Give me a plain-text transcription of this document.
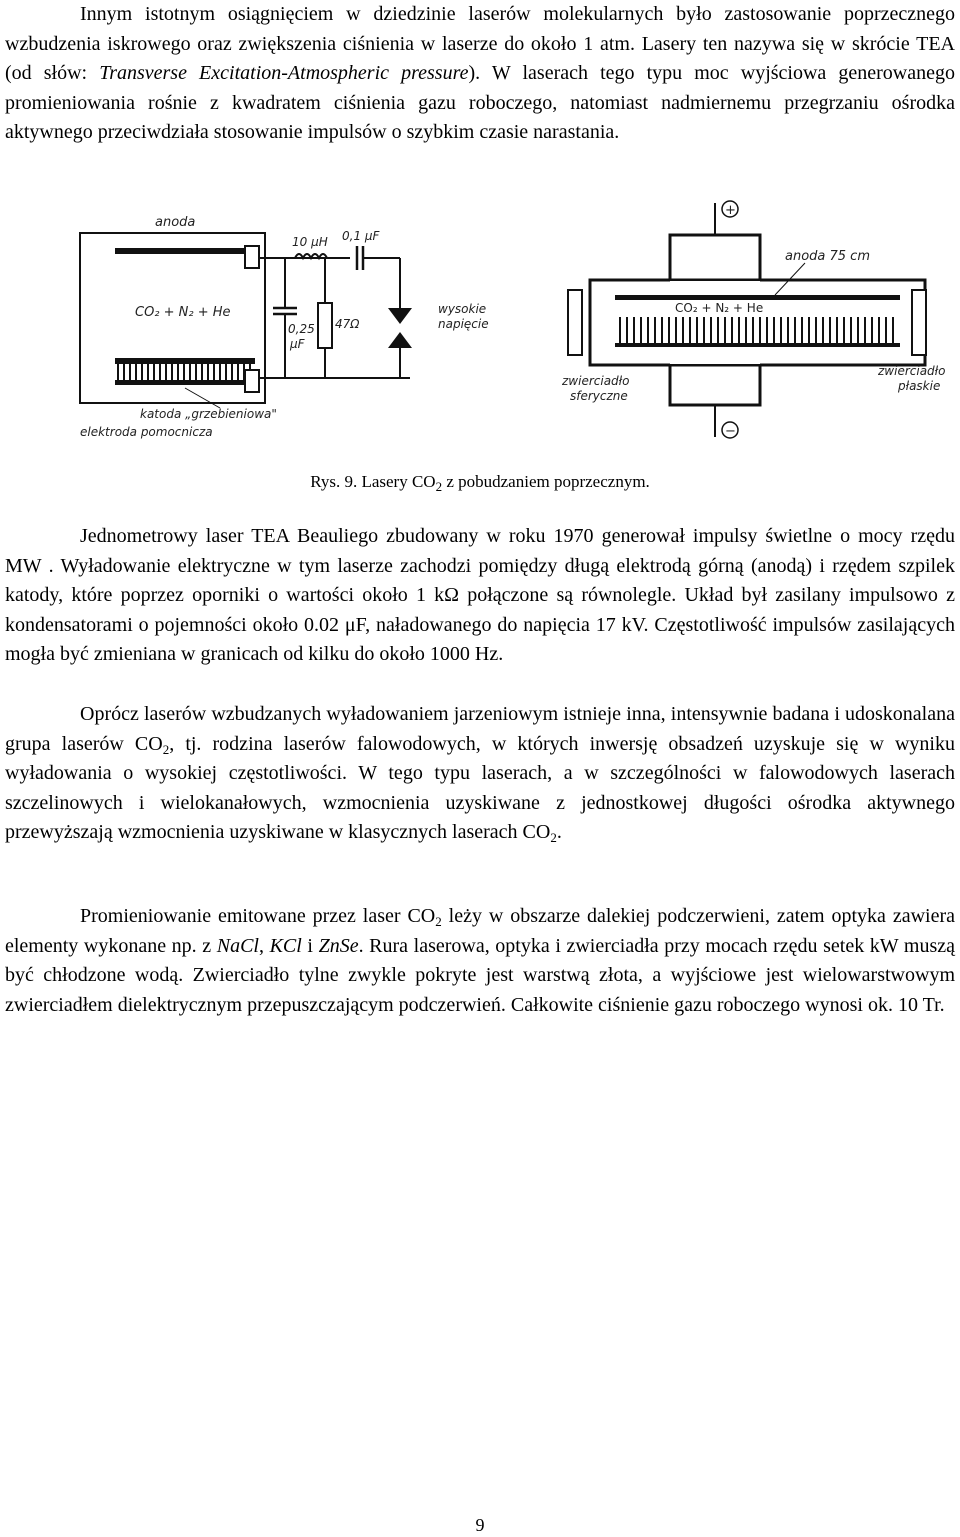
Innym istotnym osiągnięciem w dziedzinie laserów molekularnych było zastosowanie poprzecznego wzbudzenia iskrowego oraz zwiększenia ciśnienia w laserze do około 1 atm. Lasery ten nazywa się w skrócie TEA (od słów: Transverse Excitation-Atmospheric pressure). W laserach tego typu moc wyjściowa generowanego promieniowania rośnie z kwadratem ciśnienia gazu roboczego, natomiast nadmiernemu przegrzaniu ośrodka aktywnego przeciwdziała stosowanie impulsów o szybkim czasie narastania.

anoda
CO₂ + N₂ + He
10 μH 0,1 μF
0,25
μF
47Ω
wysokie
napięcie
katoda „grzebieniowa"
elektroda pomocnicza
+
−
anoda 75 cm
CO₂ + N₂ + He
zwierciadło
sferyczne
zwierciadło
płaskie
Rys. 9. Lasery $CO_2$ z pobudzaniem poprzecznym.

Jednometrowy laser TEA Beauliego zbudowany w roku 1970 generował impulsy świetlne o mocy rzędu MW . Wyładowanie elektryczne w tym laserze zachodzi pomiędzy długą elektrodą górną (anodą) i rzędem szpilek katody, które poprzez oporniki o wartości około 1 kΩ połączone są równolegle. Układ był zasilany impulsowo z kondensatorami o pojemności około 0.02 μF, naładowanego do napięcia 17 kV. Częstotliwość impulsów zasilających mogła być zmieniana w granicach od kilku do około 1000 Hz.

Oprócz laserów wzbudzanych wyładowaniem jarzeniowym istnieje inna, intensywnie badana i udoskonalana grupa laserów $CO_2$, tj. rodzina laserów falowodowych, w których inwersję obsadzeń uzyskuje się w wyniku wyładowania o wysokiej częstotliwości. W tego typu laserach, a w szczególności w falowodowych laserach szczelinowych i wielokanałowych, wzmocnienia uzyskiwane z jednostkowej długości ośrodka aktywnego przewyższają wzmocnienia uzyskiwane w klasycznych laserach $CO_2$.

Promieniowanie emitowane przez laser $CO_2$ leży w obszarze dalekiej podczerwieni, zatem optyka zawiera elementy wykonane np. z NaCl, KCl i ZnSe. Rura laserowa, optyka i zwierciadła przy mocach rzędu setek kW muszą być chłodzone wodą. Zwierciadło tylne zwykle pokryte jest warstwą złota, a wyjściowe jest wielowarstwowym zwierciadłem dielektrycznym przepuszczającym podczerwień. Całkowite ciśnienie gazu roboczego wynosi ok. 10 Tr.

9
